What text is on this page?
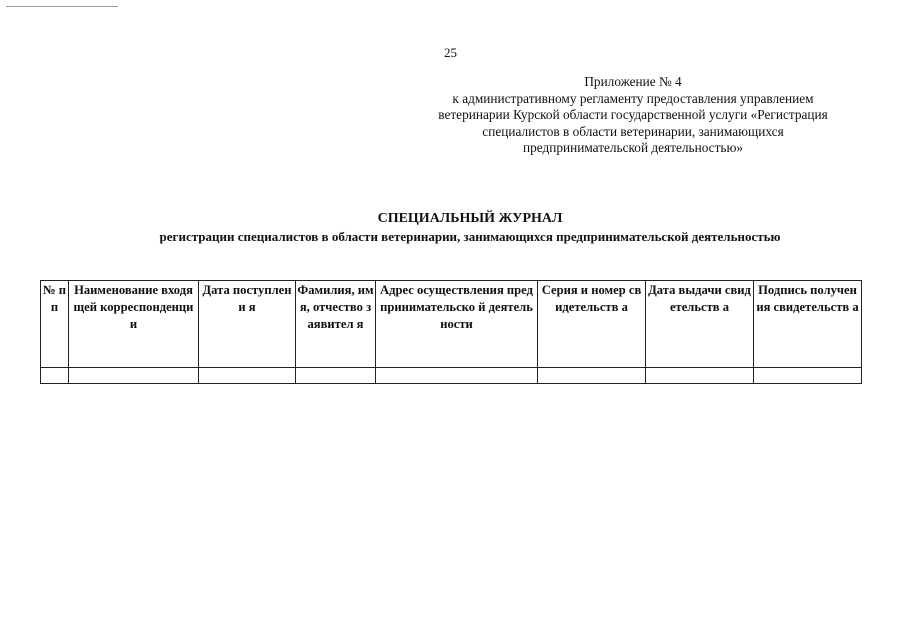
25
Приложение № 4
к административному регламенту предоставления управлением
ветеринарии Курской области государственной услуги «Регистрация
специалистов в области ветеринарии, занимающихся
предпринимательской деятельностью»
СПЕЦИАЛЬНЫЙ ЖУРНАЛ
регистрации специалистов в области ветеринарии, занимающихся предпринимательской деятельностью
№ п п	Наименование входящей корреспонденци и	Дата поступлени я	Фамилия, имя, отчество заявител я	Адрес осуществления предпринимательско й деятельности	Серия и номер свидетельств а	Дата выдачи свидетельств а	Подпись получения свидетельств а
